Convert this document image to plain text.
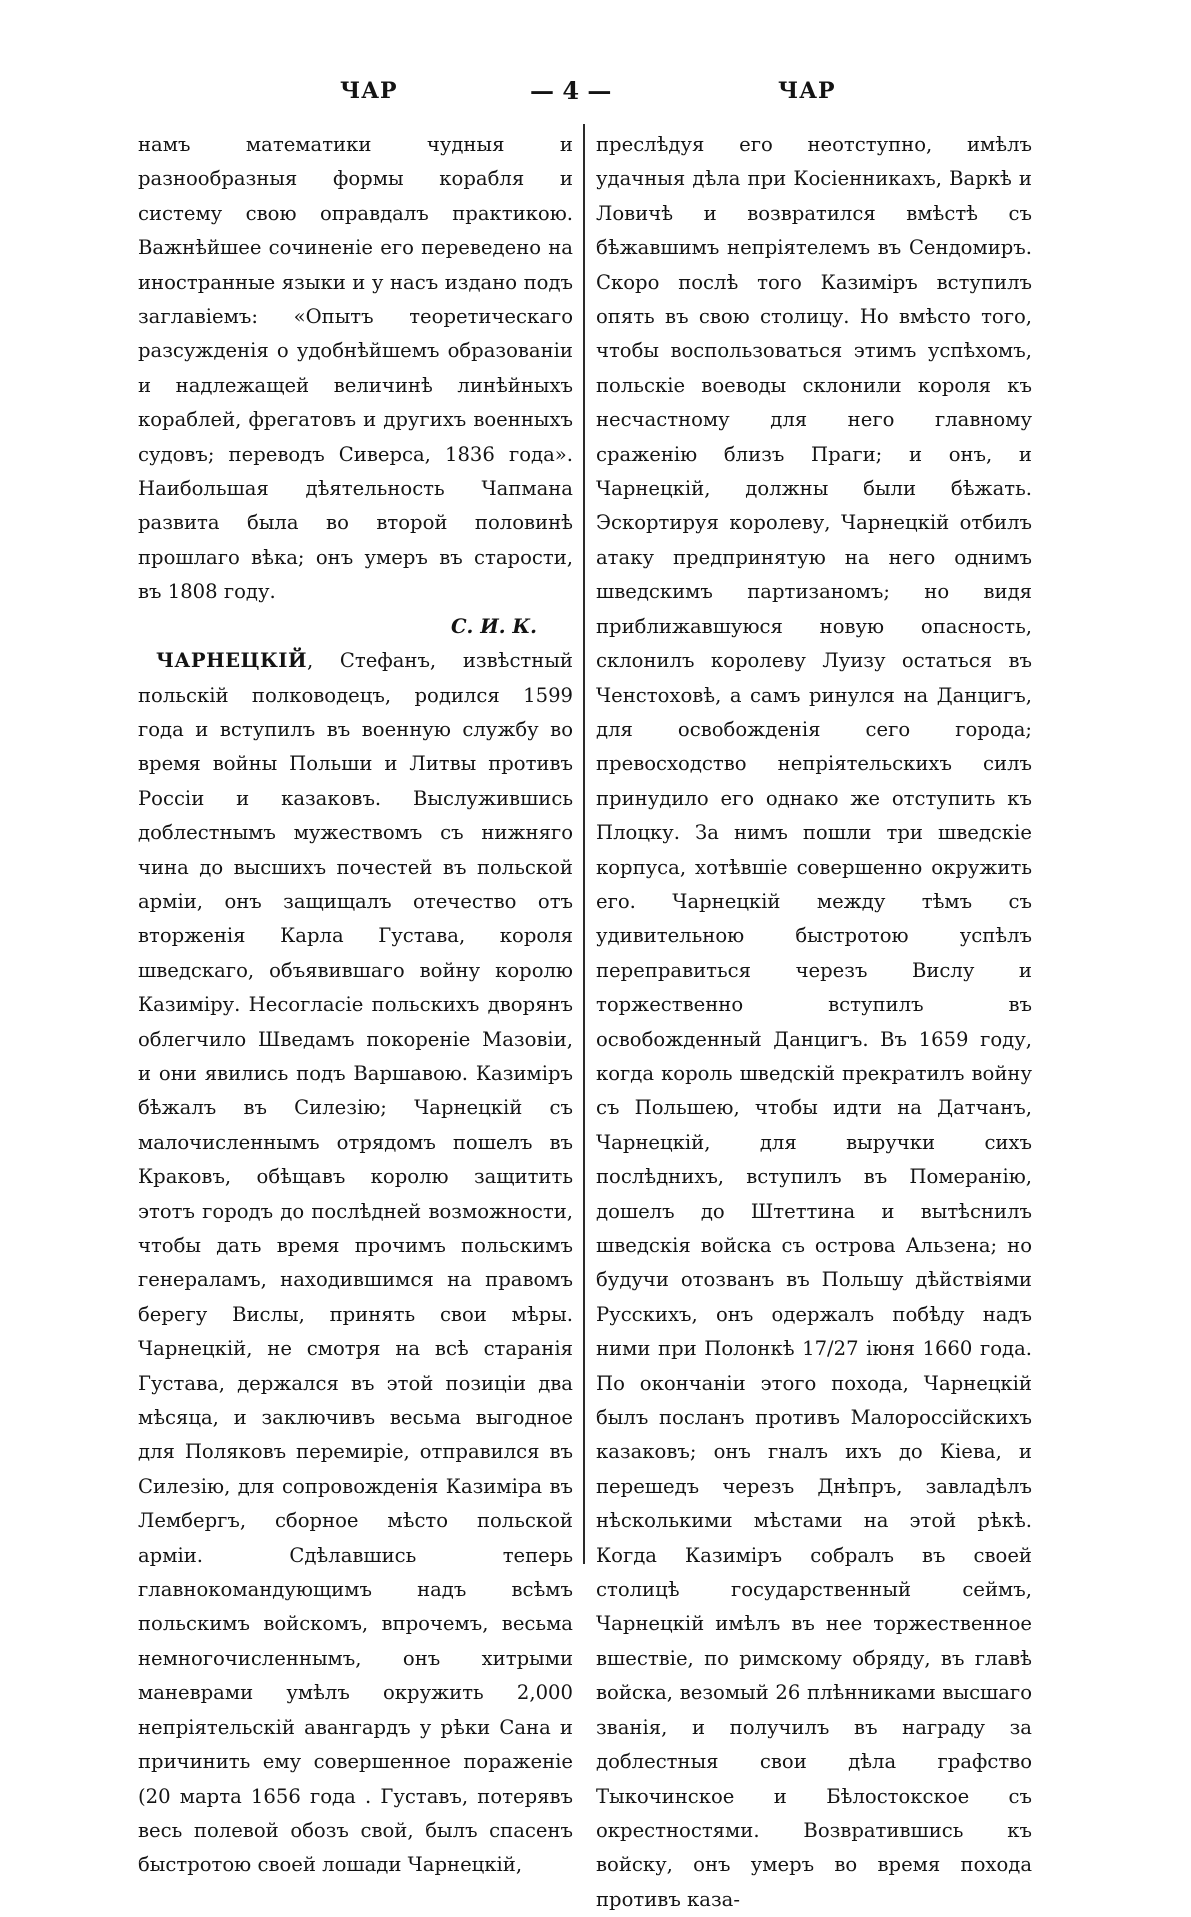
ЧАР	— 4 —	ЧАР

намъ математики чудныя и разнообразныя формы корабля и систему свою оправдалъ практикою. Важнѣйшее сочиненіе его переведено на иностранные языки и у насъ издано подъ заглавіемъ: «Опытъ теоретическаго разсужденія о удобнѣйшемъ образованіи и надлежащей величинѣ линѣйныхъ кораблей, фрегатовъ и другихъ военныхъ судовъ; переводъ Сиверса, 1836 года». Наибольшая дѣятельность Чапмана развита была во второй половинѣ прошлаго вѣка; онъ умеръ въ старости, въ 1808 году.

С. И. К.

ЧАРНЕЦКІЙ, Стефанъ, извѣстный польскій полководецъ, родился 1599 года и вступилъ въ военную службу во время войны Польши и Литвы противъ Россіи и казаковъ. Выслужившись доблестнымъ мужествомъ съ нижняго чина до высшихъ почестей въ польской арміи, онъ защищалъ отечество отъ вторженія Карла Густава, короля шведскаго, объявившаго войну королю Казиміру. Несогласіе польскихъ дворянъ облегчило Шведамъ покореніе Мазовіи, и они явились подъ Варшавою. Казиміръ бѣжалъ въ Силезію; Чарнецкій съ малочисленнымъ отрядомъ пошелъ въ Краковъ, обѣщавъ королю защитить этотъ городъ до послѣдней возможности, чтобы дать время прочимъ польскимъ генераламъ, находившимся на правомъ берегу Вислы, принять свои мѣры. Чарнецкій, не смотря на всѣ старанія Густава, держался въ этой позиціи два мѣсяца, и заключивъ весьма выгодное для Поляковъ перемиріе, отправился въ Силезію, для сопровожденія Казиміра въ Лембергъ, сборное мѣсто польской арміи. Сдѣлавшись теперь главнокомандующимъ надъ всѣмъ польскимъ войскомъ, впрочемъ, весьма немногочисленнымъ, онъ хитрыми маневрами умѣлъ окружить 2,000 непріятельскій авангардъ у рѣки Сана и причинить ему совершенное пораженіе (20 марта 1656 года . Густавъ, потерявъ весь полевой обозъ свой, былъ спасенъ быстротою своей лошади Чарнецкій,

преслѣдуя его неотступно, имѣлъ удачныя дѣла при Косіенникахъ, Варкѣ и Ловичѣ и возвратился вмѣстѣ съ бѣжавшимъ непріятелемъ въ Сендомиръ. Скоро послѣ того Казиміръ вступилъ опять въ свою столицу. Но вмѣсто того, чтобы воспользоваться этимъ успѣхомъ, польскіе воеводы склонили короля къ несчастному для него главному сраженію близъ Праги; и онъ, и Чарнецкій, должны были бѣжать. Эскортируя королеву, Чарнецкій отбилъ атаку предпринятую на него однимъ шведскимъ партизаномъ; но видя приближавшуюся новую опасность, склонилъ королеву Луизу остаться въ Ченстоховѣ, а самъ ринулся на Данцигъ, для освобожденія сего города; превосходство непріятельскихъ силъ принудило его однако же отступить къ Плоцку. За нимъ пошли три шведскіе корпуса, хотѣвшіе совершенно окружить его. Чарнецкій между тѣмъ съ удивительною быстротою успѣлъ переправиться черезъ Вислу и торжественно вступилъ въ освобожденный Данцигъ. Въ 1659 году, когда король шведскій прекратилъ войну съ Польшею, чтобы идти на Датчанъ, Чарнецкій, для выручки сихъ послѣднихъ, вступилъ въ Померанію, дошелъ до Штеттина и вытѣснилъ шведскія войска съ острова Альзена; но будучи отозванъ въ Польшу дѣйствіями Русскихъ, онъ одержалъ побѣду надъ ними при Полонкѣ 17/27 іюня 1660 года. По окончаніи этого похода, Чарнецкій былъ посланъ противъ Малороссійскихъ казаковъ; онъ гналъ ихъ до Кіева, и перешедъ черезъ Днѣпръ, завладѣлъ нѣсколькими мѣстами на этой рѣкѣ. Когда Казиміръ собралъ въ своей столицѣ государственный сеймъ, Чарнецкій имѣлъ въ нее торжественное вшествіе, по римскому обряду, въ главѣ войска, везомый 26 плѣнниками высшаго званія, и получилъ въ награду за доблестныя свои дѣла графство Тыкочинское и Бѣлостокское съ окрестностями. Возвратившись къ войску, онъ умеръ во время похода противъ каза-
